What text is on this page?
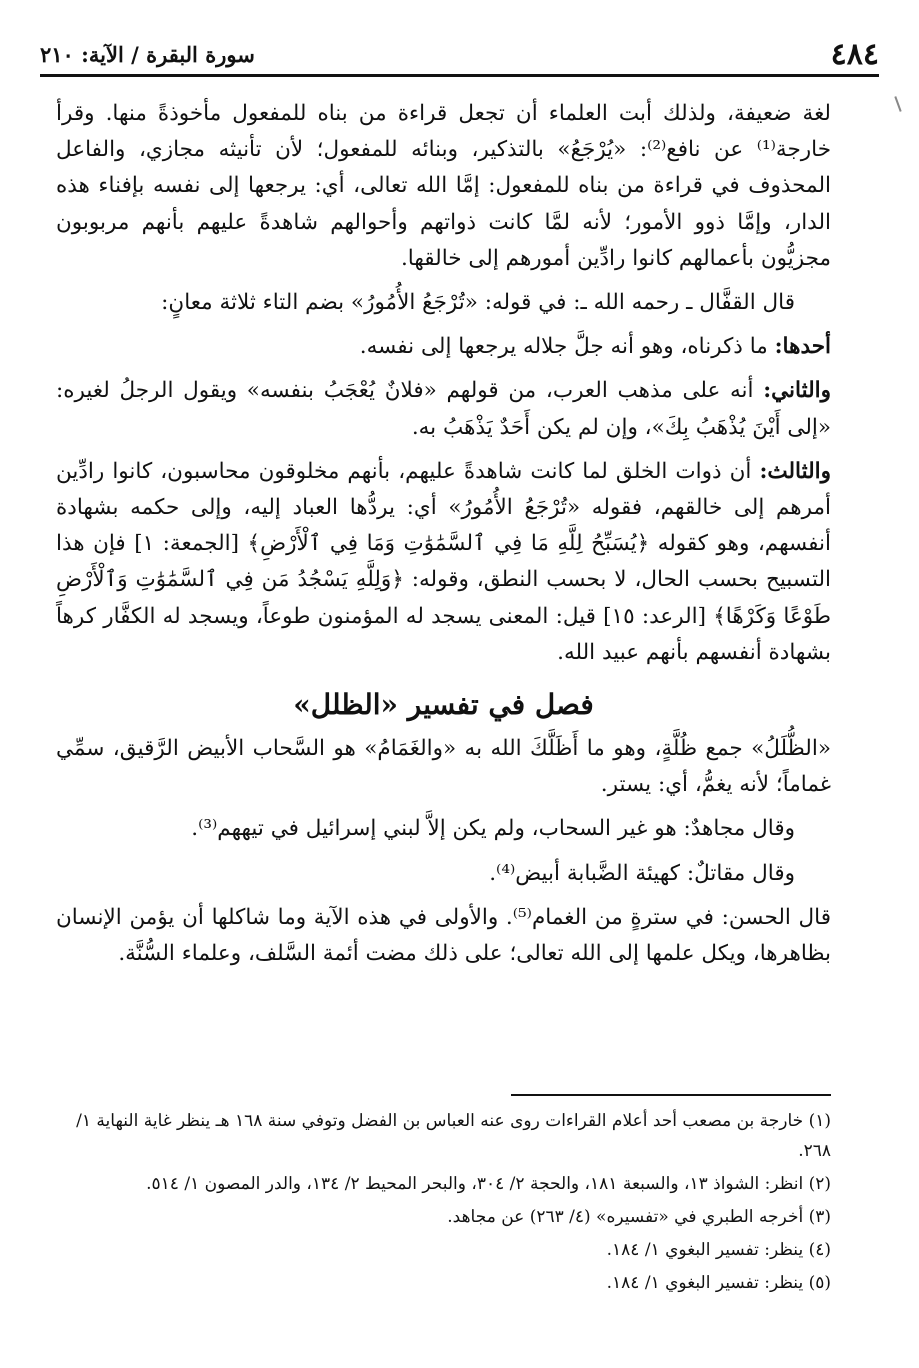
٤٨٤
سورة البقرة / الآية: ٢١٠

لغة ضعيفة، ولذلك أبت العلماء أن تجعل قراءة من بناه للمفعول مأخوذةً منها. وقرأ خارجة⁽¹⁾ عن نافع⁽²⁾: «يُرْجَعُ» بالتذكير، وبنائه للمفعول؛ لأن تأنيثه مجازي، والفاعل المحذوف في قراءة من بناه للمفعول: إمَّا الله تعالى، أي: يرجعها إلى نفسه بإفناء هذه الدار، وإمَّا ذوو الأمور؛ لأنه لمَّا كانت ذواتهم وأحوالهم شاهدةً عليهم بأنهم مربوبون مجزيُّون بأعمالهم كانوا رادِّين أمورهم إلى خالقها.

قال القفَّال ـ رحمه الله ـ: في قوله: «تُرْجَعُ الأُمُورُ» بضم التاء ثلاثة معانٍ:

أحدها: ما ذكرناه، وهو أنه جلَّ جلاله يرجعها إلى نفسه.

والثاني: أنه على مذهب العرب، من قولهم «فلانٌ يُعْجَبُ بنفسه» ويقول الرجلُ لغيره: «إلى أَيْنَ يُذْهَبُ بِكَ»، وإن لم يكن أَحَدٌ يَذْهَبُ به.

والثالث: أن ذوات الخلق لما كانت شاهدةً عليهم، بأنهم مخلوقون محاسبون، كانوا رادِّين أمرهم إلى خالقهم، فقوله «تُرْجَعُ الأُمُورُ» أي: يردُّها العباد إليه، وإلى حكمه بشهادة أنفسهم، وهو كقوله ﴿يُسَبِّحُ لِلَّهِ مَا فِي ٱلسَّمَٰوَٰتِ وَمَا فِي ٱلْأَرْضِ﴾ [الجمعة: ١] فإن هذا التسبيح بحسب الحال، لا بحسب النطق، وقوله: ﴿وَلِلَّهِ يَسْجُدُ مَن فِي ٱلسَّمَٰوَٰتِ وَٱلْأَرْضِ طَوْعًا وَكَرْهًا﴾ [الرعد: ١٥] قيل: المعنى يسجد له المؤمنون طوعاً، ويسجد له الكفَّار كرهاً بشهادة أنفسهم بأنهم عبيد الله.

فصل في تفسير «الظلل»

«الظُّلَلُ» جمع ظُلَّةٍ، وهو ما أَظَلَّكَ الله به «والغَمَامُ» هو السَّحاب الأبيض الرَّقيق، سمِّي غماماً؛ لأنه يغمُّ، أي: يستر.

وقال مجاهدٌ: هو غير السحاب، ولم يكن إلاَّ لبني إسرائيل في تيههم⁽³⁾.

وقال مقاتلٌ: كهيئة الضَّبابة أبيض⁽⁴⁾.

قال الحسن: في سترةٍ من الغمام⁽⁵⁾. والأولى في هذه الآية وما شاكلها أن يؤمن الإنسان بظاهرها، ويكل علمها إلى الله تعالى؛ على ذلك مضت أئمة السَّلف، وعلماء السُّنَّة.

(١) خارجة بن مصعب أحد أعلام القراءات روى عنه العباس بن الفضل وتوفي سنة ١٦٨ هـ ينظر غاية النهاية ١/ ٢٦٨.

(٢) انظر: الشواذ ١٣، والسبعة ١٨١، والحجة ٢/ ٣٠٤، والبحر المحيط ٢/ ١٣٤، والدر المصون ١/ ٥١٤.

(٣) أخرجه الطبري في «تفسيره» (٤/ ٢٦٣) عن مجاهد.

(٤) ينظر: تفسير البغوي ١/ ١٨٤.

(٥) ينظر: تفسير البغوي ١/ ١٨٤.
